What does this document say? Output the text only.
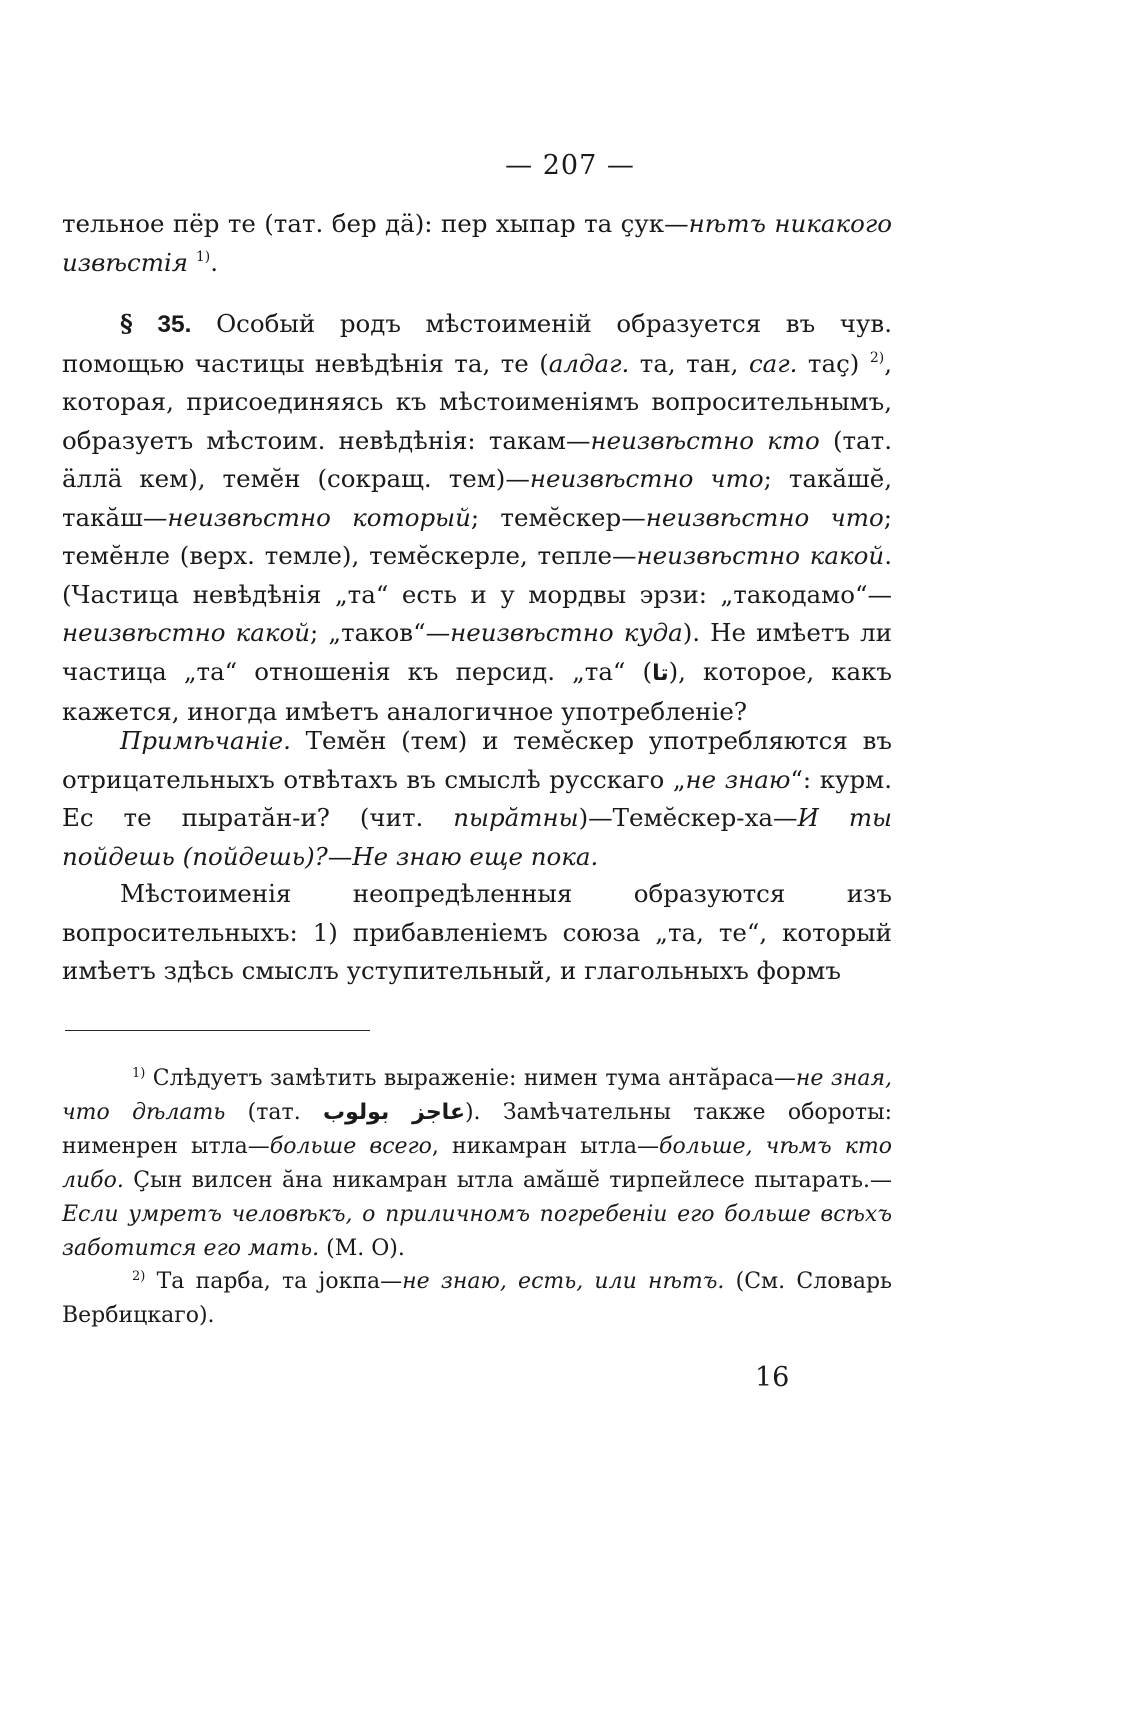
— 207 —

тельное пёр те (тат. бер дä): пер хыпар та ҫук—нѣтъ никакого извѣстія $^{1)}$.

§ 35. Особый родъ мѣстоименій образуется въ чув. помощью частицы невѣдѣнія та, те (алдаг. та, тан, саг. таҫ) $^{2)}$, которая, присоединяясь къ мѣстоименіямъ вопросительнымъ, образуетъ мѣстоим. невѣдѣнія: такам—неизвѣстно кто (тат. äллä кем), темӗн (сокращ. тем)—неизвѣстно что; такӑшӗ, такӑш—неизвѣстно который; темӗскер—неизвѣстно что; темӗнле (верх. темле), темӗскерле, тепле—неизвѣстно какой. (Частица невѣдѣнія „та“ есть и у мордвы эрзи: „такодамо“—неизвѣстно какой; „таков“—неизвѣстно куда). Не имѣетъ ли частица „та“ отношенія къ персид. „та“ (تا), которое, какъ кажется, иногда имѣетъ аналогичное употребленіе?

Примѣчаніе. Темӗн (тем) и темӗскер употребляются въ отрицательныхъ отвѣтахъ въ смыслѣ русскаго „не знаю“: курм. Ес те пыратӑн-и? (чит. пырӑтны)—Темӗскер-ха—И ты пойдешь (пойдешь)?—Не знаю еще пока.

Мѣстоименія неопредѣленныя образуются изъ вопросительныхъ: 1) прибавленіемъ союза „та, те“, который имѣетъ здѣсь смыслъ уступительный, и глагольныхъ формъ

$^{1)}$ Слѣдуетъ замѣтить выраженіе: нимен тума антӑраса—не зная, что дѣлать (тат. عاجز بولوب). Замѣчательны также обороты: нименрен ытла—больше всего, никамран ытла—больше, чѣмъ кто либо. Ҫын вилсен ӑна никамран ытла амӑшӗ тирпейлесе пытарать.—Если умретъ человѣкъ, о приличномъ погребеніи его больше всѣхъ заботится его мать. (М. О).

$^{2)}$ Та парба, та јокпа—не знаю, есть, или нѣтъ. (См. Словарь Вербицкаго).

16
